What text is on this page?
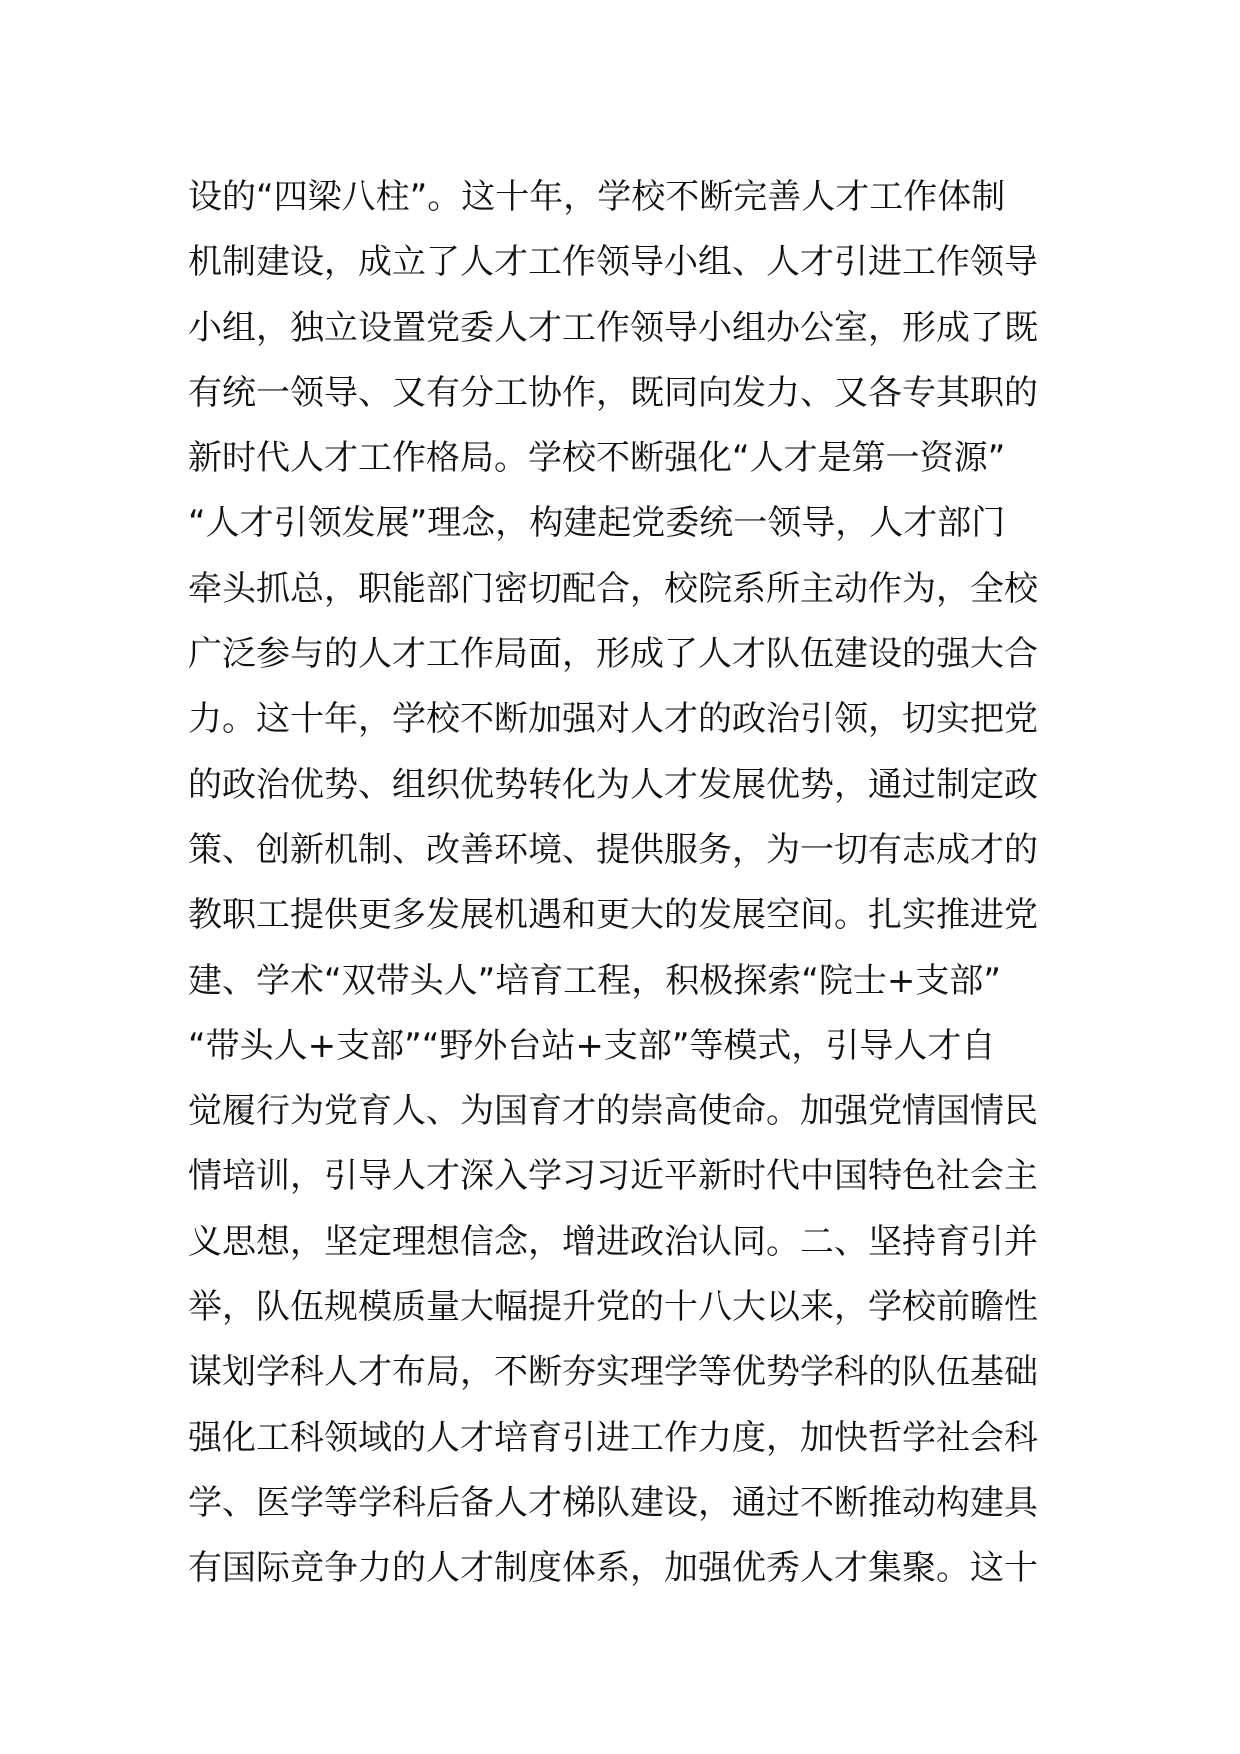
设的“四梁八柱”。这十年，学校不断完善人才工作体制
机制建设，成立了人才工作领导小组、人才引进工作领导
小组，独立设置党委人才工作领导小组办公室，形成了既
有统一领导、又有分工协作，既同向发力、又各专其职的
新时代人才工作格局。学校不断强化“人才是第一资源”
“人才引领发展”理念，构建起党委统一领导，人才部门
牵头抓总，职能部门密切配合，校院系所主动作为，全校
广泛参与的人才工作局面，形成了人才队伍建设的强大合
力。这十年，学校不断加强对人才的政治引领，切实把党
的政治优势、组织优势转化为人才发展优势，通过制定政
策、创新机制、改善环境、提供服务，为一切有志成才的
教职工提供更多发展机遇和更大的发展空间。扎实推进党
建、学术“双带头人”培育工程，积极探索“院士+支部”
“带头人+支部”“野外台站+支部”等模式，引导人才自
觉履行为党育人、为国育才的崇高使命。加强党情国情民
情培训，引导人才深入学习习近平新时代中国特色社会主
义思想，坚定理想信念，增进政治认同。二、坚持育引并
举，队伍规模质量大幅提升党的十八大以来，学校前瞻性
谋划学科人才布局，不断夯实理学等优势学科的队伍基础
强化工科领域的人才培育引进工作力度，加快哲学社会科
学、医学等学科后备人才梯队建设，通过不断推动构建具
有国际竞争力的人才制度体系，加强优秀人才集聚。这十
